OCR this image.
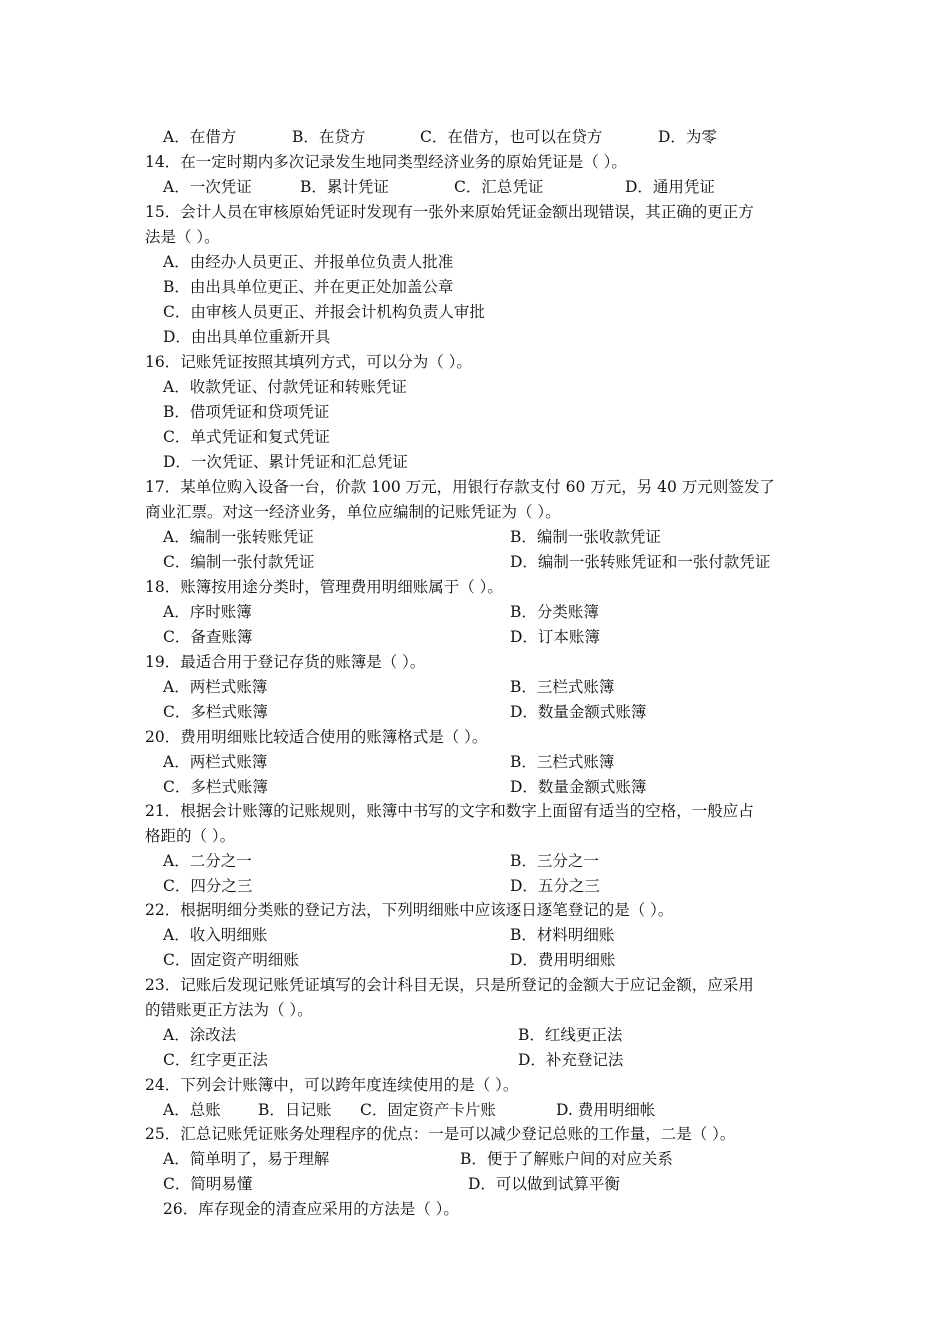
A．在借方	B．在贷方	C．在借方，也可以在贷方	D．为零
14．在一定时期内多次记录发生地同类型经济业务的原始凭证是（ ）。
A．一次凭证	B．累计凭证	C．汇总凭证	D．通用凭证
15．会计人员在审核原始凭证时发现有一张外来原始凭证金额出现错误，其正确的更正方
法是（ ）。
A．由经办人员更正、并报单位负责人批准
B．由出具单位更正、并在更正处加盖公章
C．由审核人员更正、并报会计机构负责人审批
D．由出具单位重新开具
16．记账凭证按照其填列方式，可以分为（ ）。
A．收款凭证、付款凭证和转账凭证
B．借项凭证和贷项凭证
C．单式凭证和复式凭证
D．一次凭证、累计凭证和汇总凭证
17．某单位购入设备一台，价款 100 万元，用银行存款支付 60 万元，另 40 万元则签发了
商业汇票。对这一经济业务，单位应编制的记账凭证为（ ）。
A．编制一张转账凭证	B．编制一张收款凭证
C．编制一张付款凭证	D．编制一张转账凭证和一张付款凭证
18．账簿按用途分类时，管理费用明细账属于（ ）。
A．序时账簿	B．分类账簿
C．备查账簿	D．订本账簿
19．最适合用于登记存货的账簿是（ ）。
A．两栏式账簿	B．三栏式账簿
C．多栏式账簿	D．数量金额式账簿
20．费用明细账比较适合使用的账簿格式是（ ）。
A．两栏式账簿	B．三栏式账簿
C．多栏式账簿	D．数量金额式账簿
21．根据会计账簿的记账规则，账簿中书写的文字和数字上面留有适当的空格，一般应占
格距的（ ）。
A．二分之一	B．三分之一
C．四分之三	D．五分之三
22．根据明细分类账的登记方法，下列明细账中应该逐日逐笔登记的是（ ）。
A．收入明细账	B．材料明细账
C．固定资产明细账	D．费用明细账
23．记账后发现记账凭证填写的会计科目无误，只是所登记的金额大于应记金额，应采用
的错账更正方法为（ ）。
A．涂改法	B．红线更正法
C．红字更正法	D．补充登记法
24．下列会计账簿中，可以跨年度连续使用的是（ ）。
A．总账 B．日记账 C．固定资产卡片账	D. 费用明细帐
25．汇总记账凭证账务处理程序的优点：一是可以减少登记总账的工作量，二是（ ）。
A．简单明了，易于理解	B．便于了解账户间的对应关系
C．简明易懂	D．可以做到试算平衡
26．库存现金的清查应采用的方法是（ ）。
